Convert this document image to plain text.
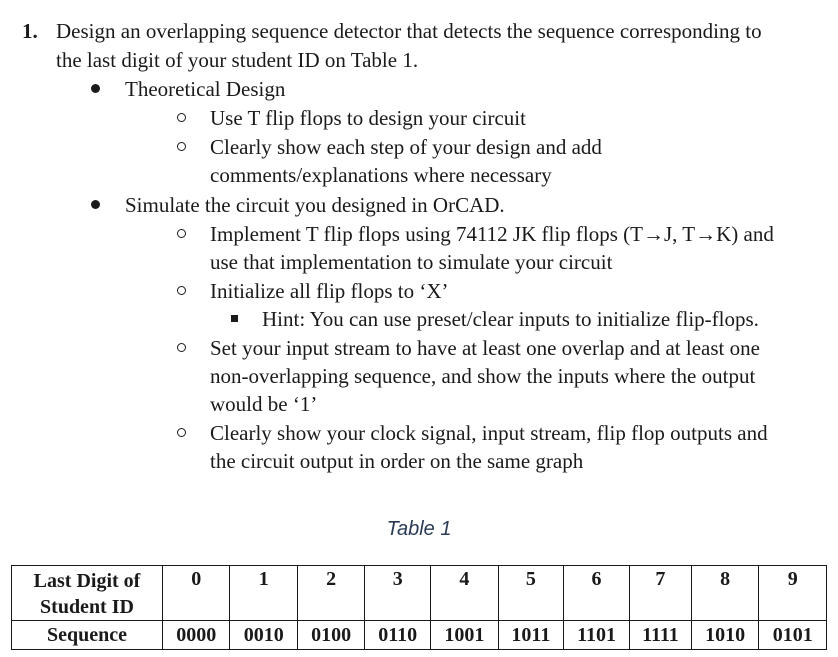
1. Design an overlapping sequence detector that detects the sequence corresponding to
the last digit of your student ID on Table 1.
Theoretical Design
Use T flip flops to design your circuit
Clearly show each step of your design and add
comments/explanations where necessary
Simulate the circuit you designed in OrCAD.
Implement T flip flops using 74112 JK flip flops (T→J, T→K) and
use that implementation to simulate your circuit
Initialize all flip flops to ‘X’
Hint: You can use preset/clear inputs to initialize flip-flops.
Set your input stream to have at least one overlap and at least one
non-overlapping sequence, and show the inputs where the output
would be ‘1’
Clearly show your clock signal, input stream, flip flop outputs and
the circuit output in order on the same graph
Table 1
Last Digit of
Student ID	0	1	2	3	4	5	6	7	8	9
Sequence	0000	0010	0100	0110	1001	1011	1101	1111	1010	0101
